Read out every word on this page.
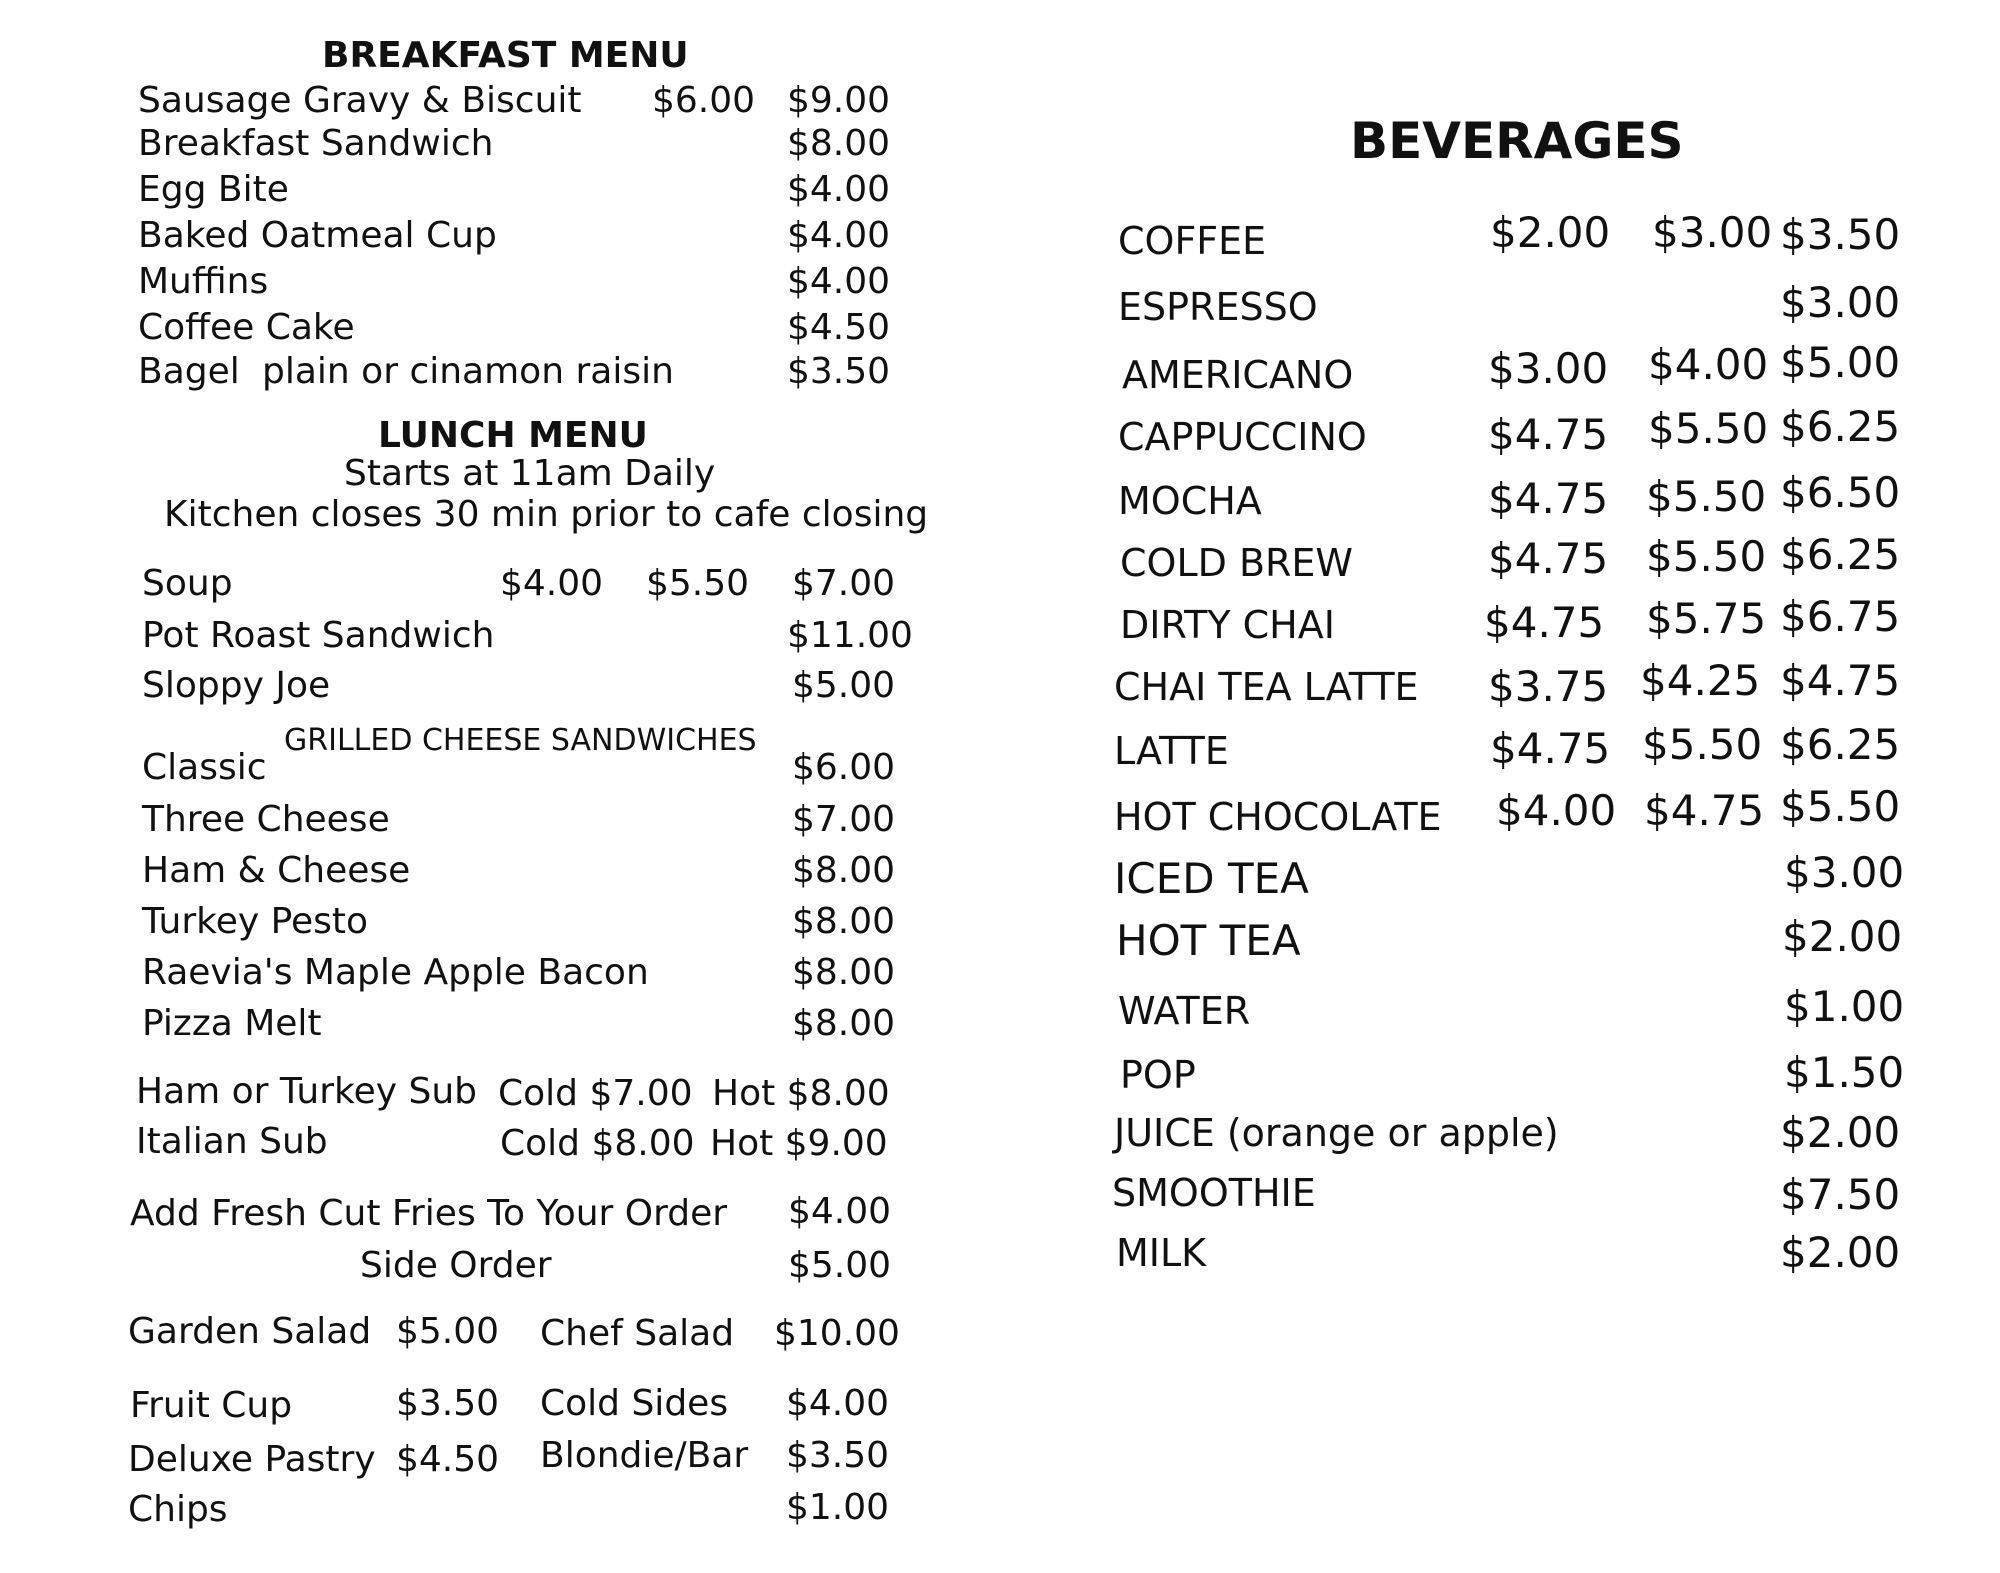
BREAKFAST MENU
Sausage Gravy & Biscuit $6.00 $9.00
Breakfast Sandwich	$8.00
Egg Bite	$4.00
Baked Oatmeal Cup	$4.00
Muffins	$4.00
Coffee Cake	$4.50
Bagel plain or cinamon raisin	$3.50
LUNCH MENU
Starts at 11am Daily
Kitchen closes 30 min prior to cafe closing
Soup	$4.00 $5.50 $7.00
Pot Roast Sandwich	$11.00
Sloppy Joe	$5.00
GRILLED CHEESE SANDWICHES
Classic	$6.00
Three Cheese	$7.00
Ham & Cheese	$8.00
Turkey Pesto	$8.00
Raevia's Maple Apple Bacon	$8.00
Pizza Melt	$8.00
Ham or Turkey Sub Cold $7.00 Hot $8.00
Italian Sub	Cold $8.00 Hot $9.00
Add Fresh Cut Fries To Your Order $4.00
Side Order	$5.00
Garden Salad $5.00 Chef Salad $10.00
Fruit Cup	$3.50 Cold Sides $4.00
Deluxe Pastry $4.50 Blondie/Bar $3.50
Chips	$1.00
BEVERAGES
COFFEE	$2.00 $3.00 $3.50
ESPRESSO	$3.00
AMERICANO	$3.00 $4.00 $5.00
CAPPUCCINO	$4.75 $5.50 $6.25
MOCHA	$4.75 $5.50 $6.50
COLD BREW	$4.75 $5.50 $6.25
DIRTY CHAI	$4.75 $5.75 $6.75
CHAI TEA LATTE $3.75 $4.25 $4.75
LATTE	$4.75 $5.50 $6.25
HOT CHOCOLATE $4.00 $4.75 $5.50
ICED TEA	$3.00
HOT TEA	$2.00
WATER	$1.00
POP	$1.50
JUICE (orange or apple)	$2.00
SMOOTHIE	$7.50
MILK	$2.00
